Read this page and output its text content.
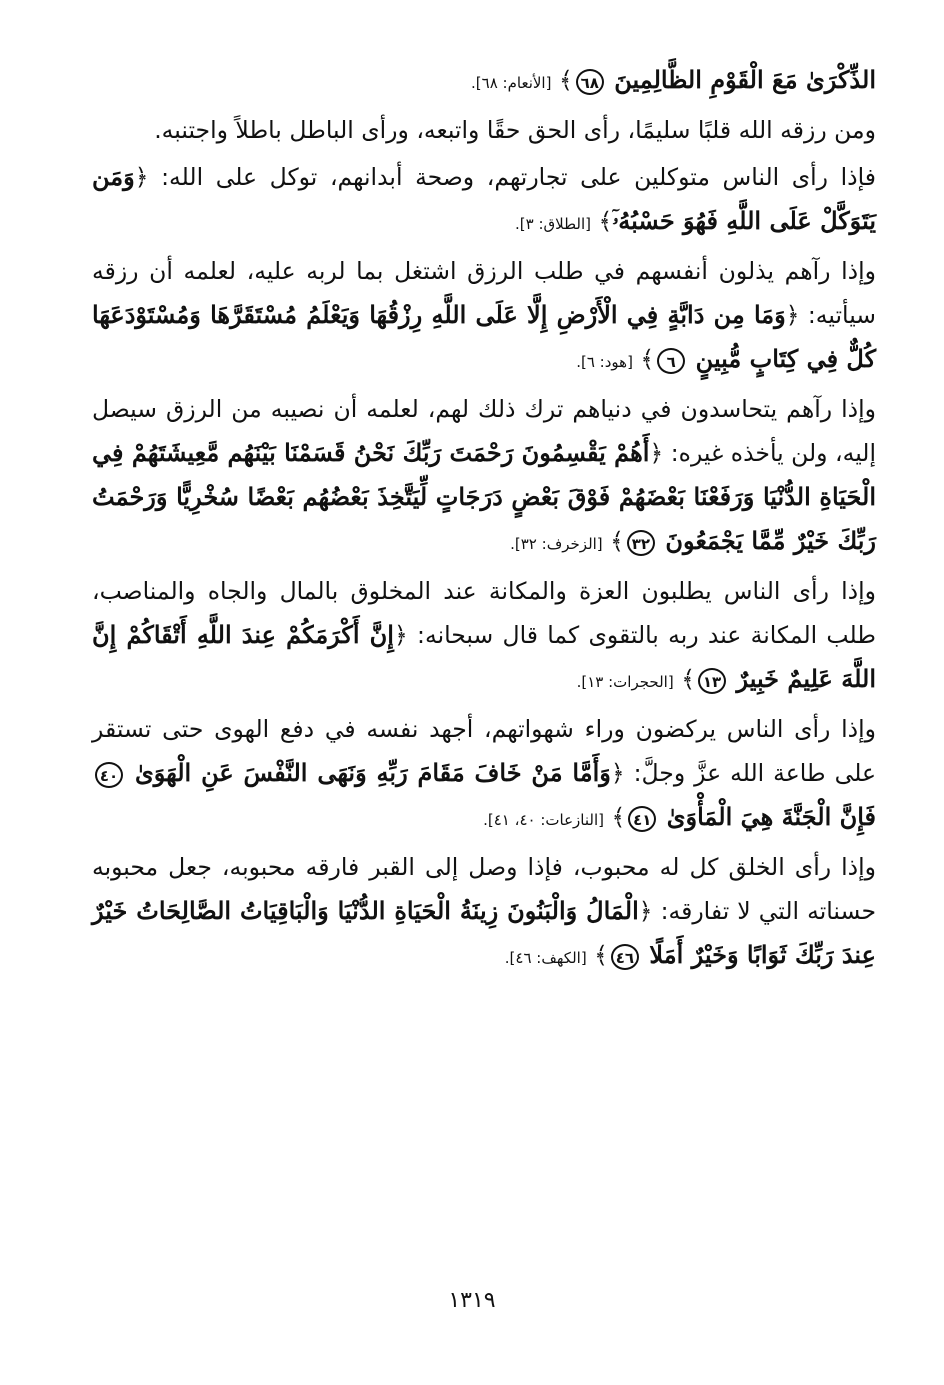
الذِّكْرَىٰ مَعَ الْقَوْمِ الظَّالِمِينَ ٦٨﴾ [الأنعام: ٦٨].

ومن رزقه الله قلبًا سليمًا، رأى الحق حقًا واتبعه، ورأى الباطل باطلاً واجتنبه.

فإذا رأى الناس متوكلين على تجارتهم، وصحة أبدانهم، توكل على الله: ﴿وَمَن يَتَوَكَّلْ عَلَى اللَّهِ فَهُوَ حَسْبُهُۥٓ﴾ [الطلاق: ٣].

وإذا رآهم يذلون أنفسهم في طلب الرزق اشتغل بما لربه عليه، لعلمه أن رزقه سيأتيه: ﴿وَمَا مِن دَابَّةٍ فِي الْأَرْضِ إِلَّا عَلَى اللَّهِ رِزْقُهَا وَيَعْلَمُ مُسْتَقَرَّهَا وَمُسْتَوْدَعَهَا كُلٌّ فِي كِتَابٍ مُّبِينٍ ٦﴾ [هود: ٦].

وإذا رآهم يتحاسدون في دنياهم ترك ذلك لهم، لعلمه أن نصيبه من الرزق سيصل إليه، ولن يأخذه غيره: ﴿أَهُمْ يَقْسِمُونَ رَحْمَتَ رَبِّكَ نَحْنُ قَسَمْنَا بَيْنَهُم مَّعِيشَتَهُمْ فِي الْحَيَاةِ الدُّنْيَا وَرَفَعْنَا بَعْضَهُمْ فَوْقَ بَعْضٍ دَرَجَاتٍ لِّيَتَّخِذَ بَعْضُهُم بَعْضًا سُخْرِيًّا وَرَحْمَتُ رَبِّكَ خَيْرٌ مِّمَّا يَجْمَعُونَ ٣٢﴾ [الزخرف: ٣٢].

وإذا رأى الناس يطلبون العزة والمكانة عند المخلوق بالمال والجاه والمناصب، طلب المكانة عند ربه بالتقوى كما قال سبحانه: ﴿إِنَّ أَكْرَمَكُمْ عِندَ اللَّهِ أَتْقَاكُمْ إِنَّ اللَّهَ عَلِيمٌ خَبِيرٌ ١٣﴾ [الحجرات: ١٣].

وإذا رأى الناس يركضون وراء شهواتهم، أجهد نفسه في دفع الهوى حتى تستقر على طاعة الله عزَّ وجلَّ: ﴿وَأَمَّا مَنْ خَافَ مَقَامَ رَبِّهِ وَنَهَى النَّفْسَ عَنِ الْهَوَىٰ ٤٠ فَإِنَّ الْجَنَّةَ هِيَ الْمَأْوَىٰ ٤١﴾ [النازعات: ٤٠، ٤١].

وإذا رأى الخلق كل له محبوب، فإذا وصل إلى القبر فارقه محبوبه، جعل محبوبه حسناته التي لا تفارقه: ﴿الْمَالُ وَالْبَنُونَ زِينَةُ الْحَيَاةِ الدُّنْيَا وَالْبَاقِيَاتُ الصَّالِحَاتُ خَيْرٌ عِندَ رَبِّكَ ثَوَابًا وَخَيْرٌ أَمَلًا ٤٦﴾ [الكهف: ٤٦].

١٣١٩
